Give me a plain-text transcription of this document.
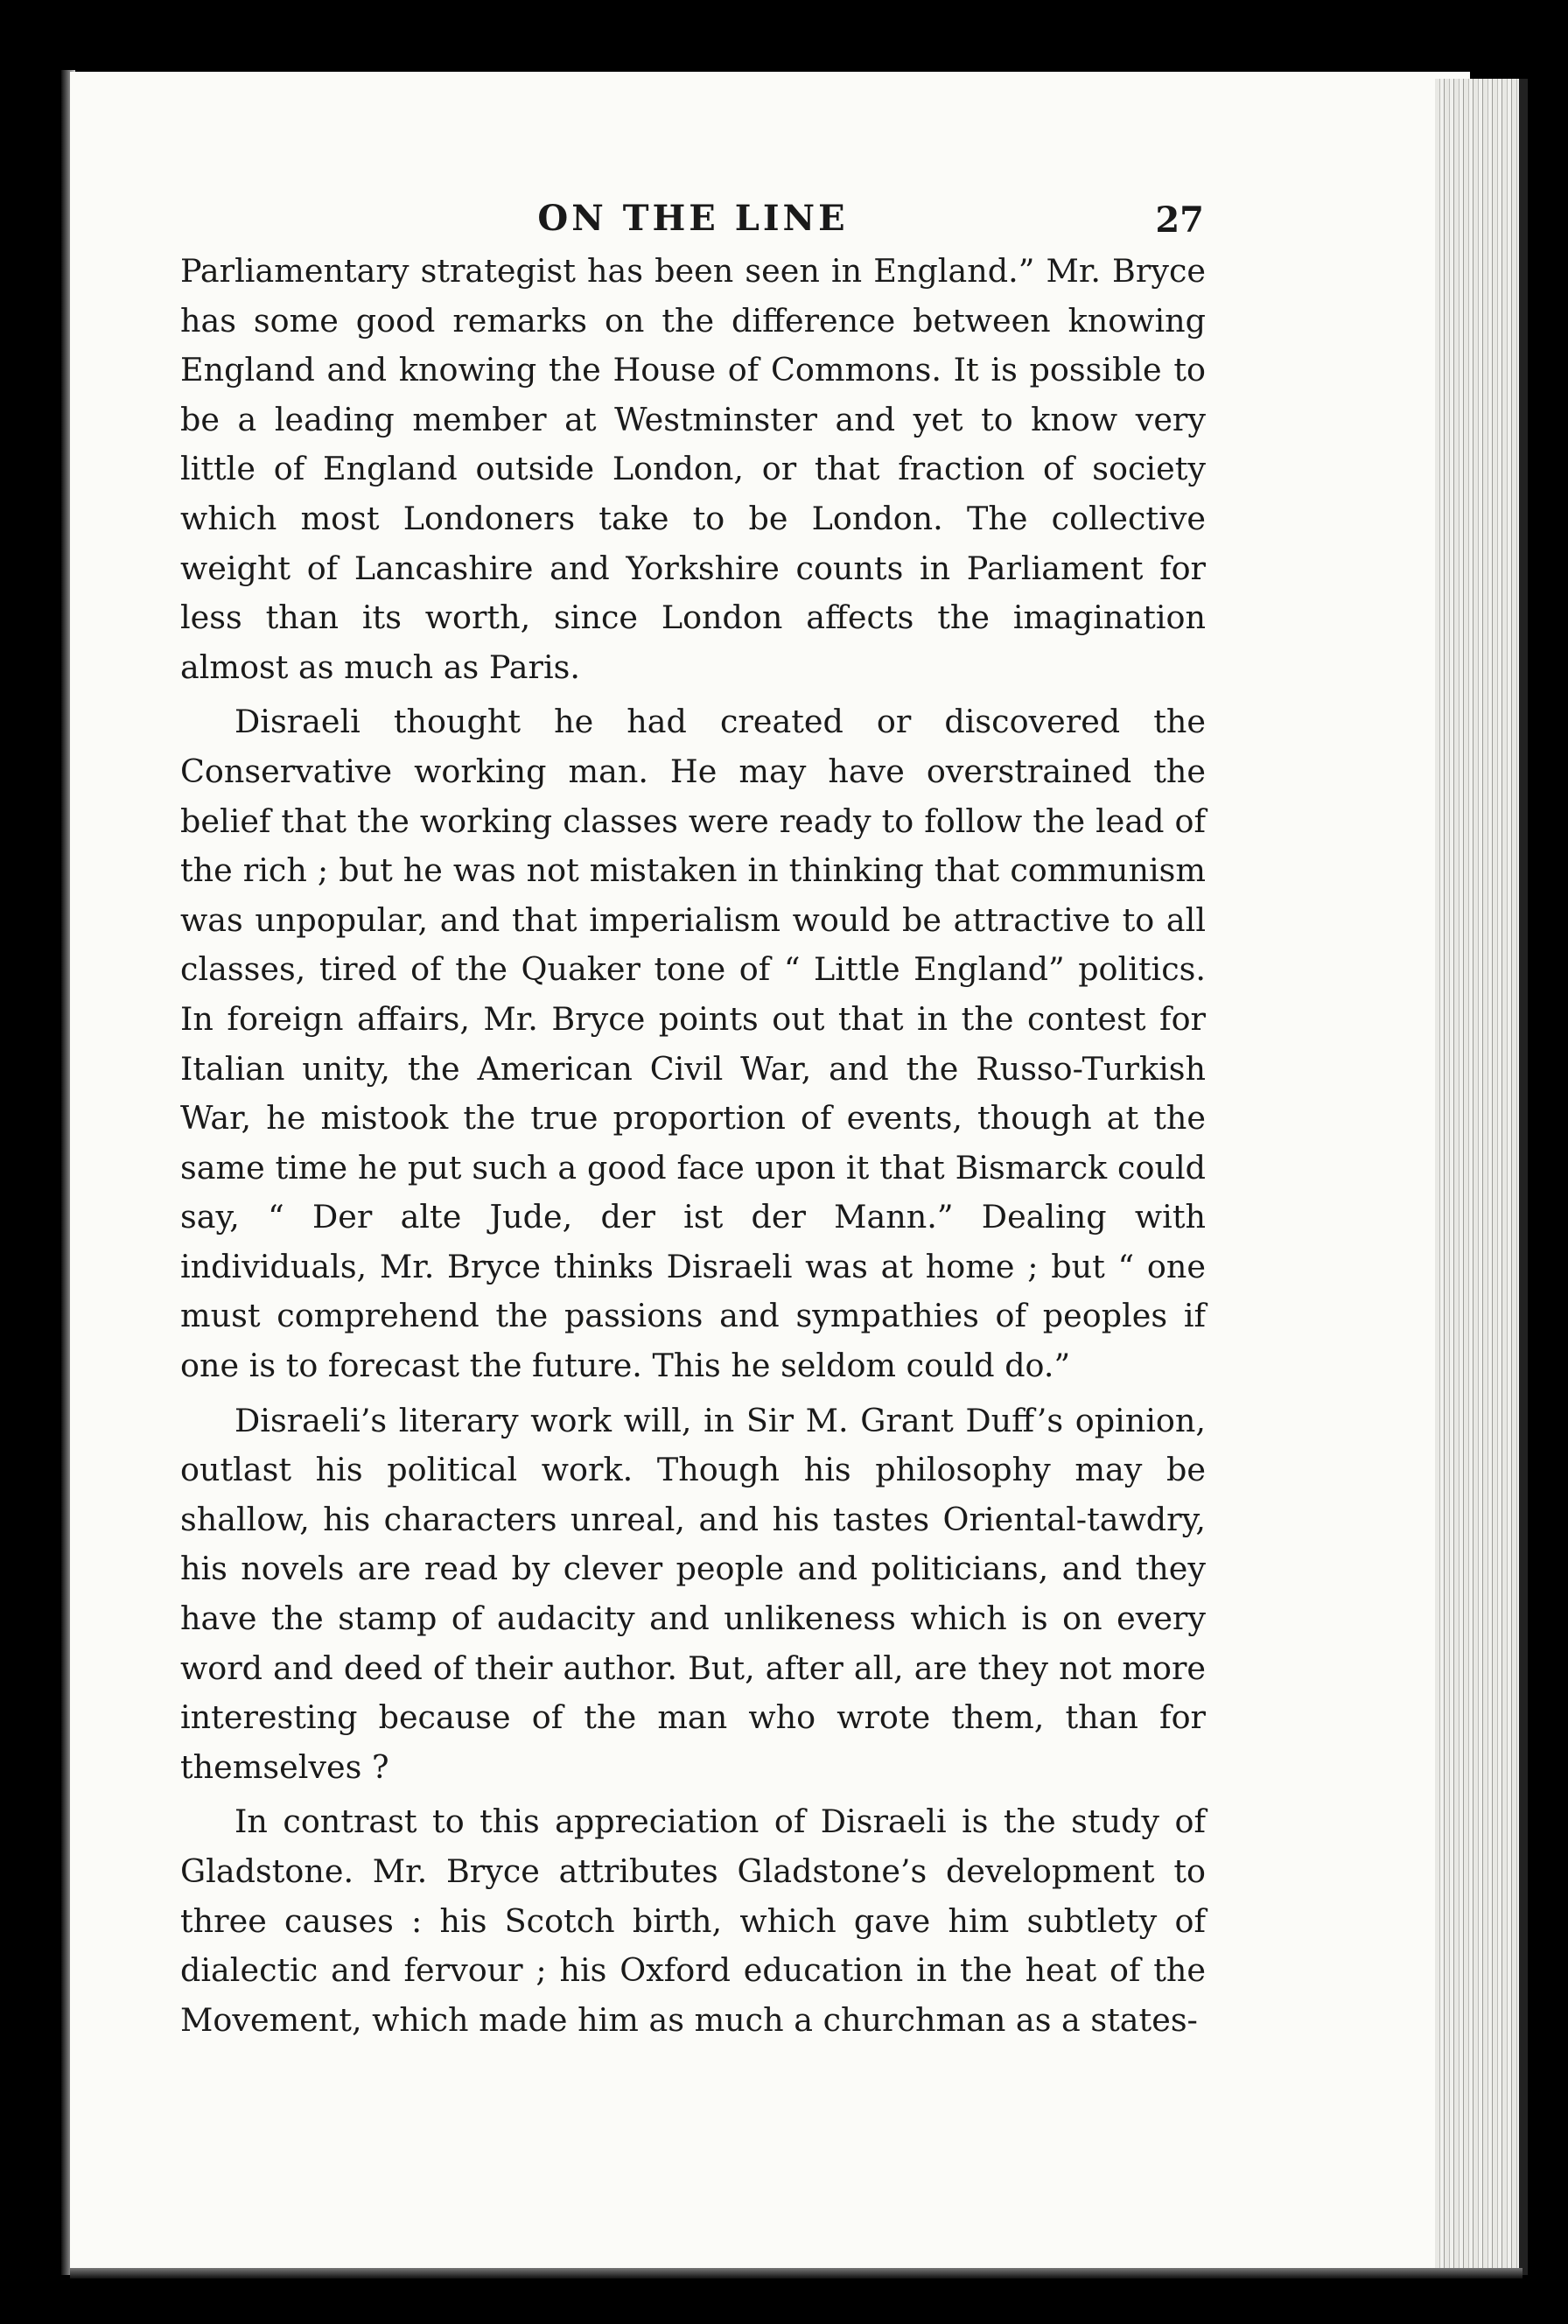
ON THE LINE	27

Parliamentary strategist has been seen in England.” Mr. Bryce has some good remarks on the difference between knowing England and knowing the House of Commons. It is possible to be a leading member at Westminster and yet to know very little of England outside London, or that fraction of society which most Londoners take to be London. The collective weight of Lancashire and Yorkshire counts in Parliament for less than its worth, since London affects the imagination almost as much as Paris.

Disraeli thought he had created or discovered the Conservative working man. He may have overstrained the belief that the working classes were ready to follow the lead of the rich ; but he was not mistaken in thinking that communism was unpopular, and that imperialism would be attractive to all classes, tired of the Quaker tone of “ Little England” politics. In foreign affairs, Mr. Bryce points out that in the contest for Italian unity, the American Civil War, and the Russo-Turkish War, he mistook the true proportion of events, though at the same time he put such a good face upon it that Bismarck could say, “ Der alte Jude, der ist der Mann.” Dealing with individuals, Mr. Bryce thinks Disraeli was at home ; but “ one must comprehend the passions and sympathies of peoples if one is to forecast the future. This he seldom could do.”

Disraeli’s literary work will, in Sir M. Grant Duff’s opinion, outlast his political work. Though his philosophy may be shallow, his characters unreal, and his tastes Oriental-tawdry, his novels are read by clever people and politicians, and they have the stamp of audacity and unlikeness which is on every word and deed of their author. But, after all, are they not more interesting because of the man who wrote them, than for themselves ?

In contrast to this appreciation of Disraeli is the study of Gladstone. Mr. Bryce attributes Gladstone’s development to three causes : his Scotch birth, which gave him subtlety of dialectic and fervour ; his Oxford education in the heat of the Movement, which made him as much a churchman as a states-
